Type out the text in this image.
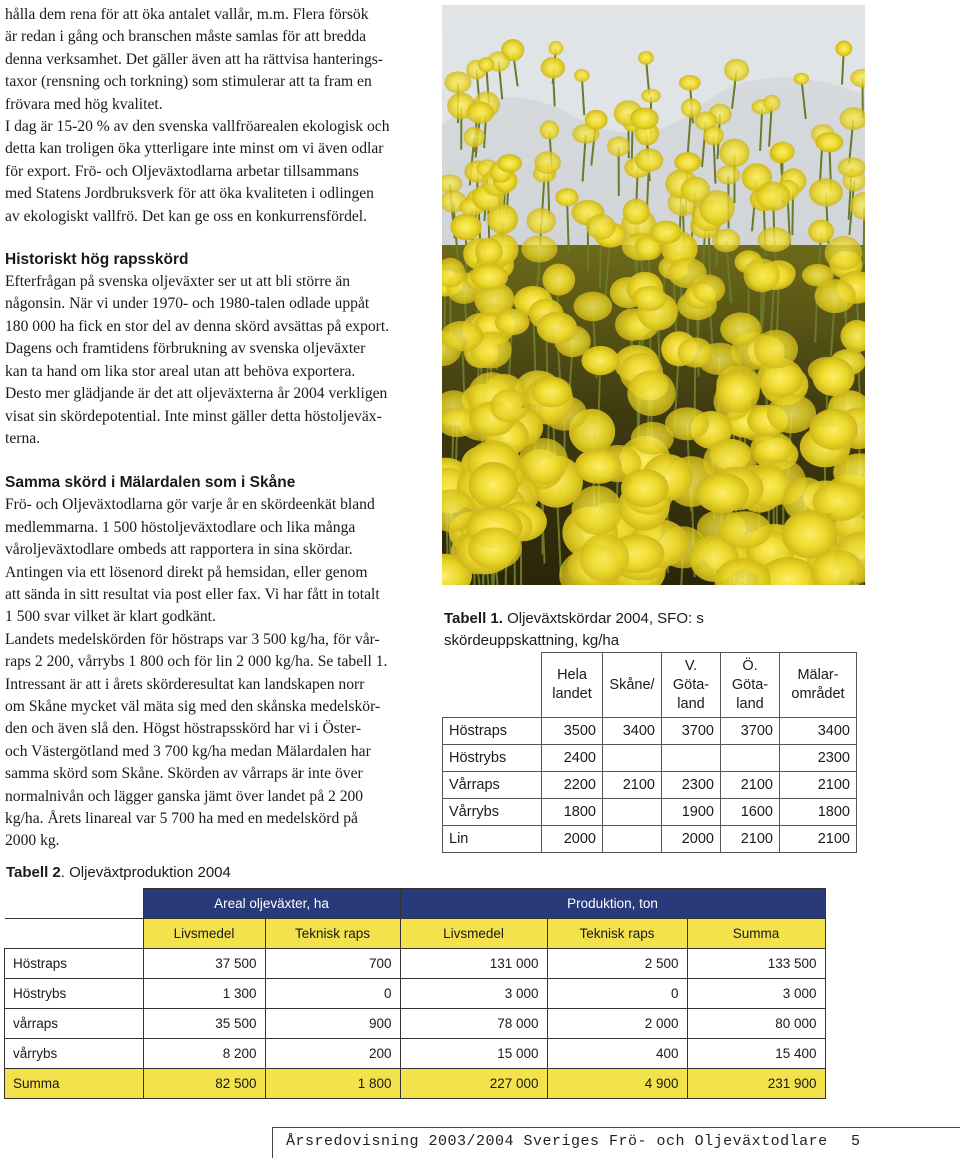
hålla dem rena för att öka antalet vallår, m.m. Flera försök

är redan i gång och branschen måste samlas för att bredda

denna verksamhet. Det gäller även att ha rättvisa hanterings-

taxor (rensning och torkning) som stimulerar att ta fram en

frövara med hög kvalitet.

I dag är 15-20 % av den svenska vallfröarealen ekologisk och

detta kan troligen öka ytterligare inte minst om vi även odlar

för export. Frö- och Oljeväxtodlarna arbetar tillsammans

med Statens Jordbruksverk för att öka kvaliteten i odlingen

av ekologiskt vallfrö. Det kan ge oss en konkurrensfördel.

Historiskt hög rapsskörd

Efterfrågan på svenska oljeväxter ser ut att bli större än

någonsin. När vi under 1970- och 1980-talen odlade uppåt

180 000 ha fick en stor del av denna skörd avsättas på export.

Dagens och framtidens förbrukning av svenska oljeväxter

kan ta hand om lika stor areal utan att behöva exportera.

Desto mer glädjande är det att oljeväxterna år 2004 verkligen

visat sin skördepotential. Inte minst gäller detta höstoljeväx-

terna.

Samma skörd i Mälardalen som i Skåne

Frö- och Oljeväxtodlarna gör varje år en skördeenkät bland

medlemmarna. 1 500 höstoljeväxtodlare och lika många

våroljeväxtodlare ombeds att rapportera in sina skördar.

Antingen via ett lösenord direkt på hemsidan, eller genom

att sända in sitt resultat via post eller fax. Vi har fått in totalt

1 500 svar vilket är klart godkänt.

Landets medelskörden för höstraps var 3 500 kg/ha, för vår-

raps 2 200, vårrybs 1 800 och för lin 2 000 kg/ha. Se tabell 1.

Intressant är att i årets skörderesultat kan landskapen norr

om Skåne mycket väl mäta sig med den skånska medelskör-

den och även slå den. Högst höstrapsskörd har vi i Öster-

och Västergötland med 3 700 kg/ha medan Mälardalen har

samma skörd som Skåne. Skörden av vårraps är inte över

normalnivån och lägger ganska jämt över landet på 2 200

kg/ha. Årets linareal var 5 700 ha med en medelskörd på

2000 kg.

Tabell 1. Oljeväxtskördar 2004, SFO: s skördeuppskattning, kg/ha
	Hela
landet	Skåne/	V.
Göta-
land	Ö.
Göta-
land	Mälar-
området
Höstraps	3500	3400	3700	3700	3400
Höstrybs	2400				2300
Vårraps	2200	2100	2300	2100	2100
Vårrybs	1800		1900	1600	1800
Lin	2000		2000	2100	2100
Tabell 2. Oljeväxtproduktion 2004
	Areal oljeväxter, ha		Produktion, ton		
	Livsmedel	Teknisk raps	Livsmedel	Teknisk raps	Summa
Höstraps	37 500	700	131 000	2 500	133 500
Höstrybs	1 300	0	3 000	0	3 000
vårraps	35 500	900	78 000	2 000	80 000
vårrybs	8 200	200	15 000	400	15 400
Summa	82 500	1 800	227 000	4 900	231 900
Årsredovisning 2003/2004 Sveriges Frö- och Oljeväxtodlare 5
